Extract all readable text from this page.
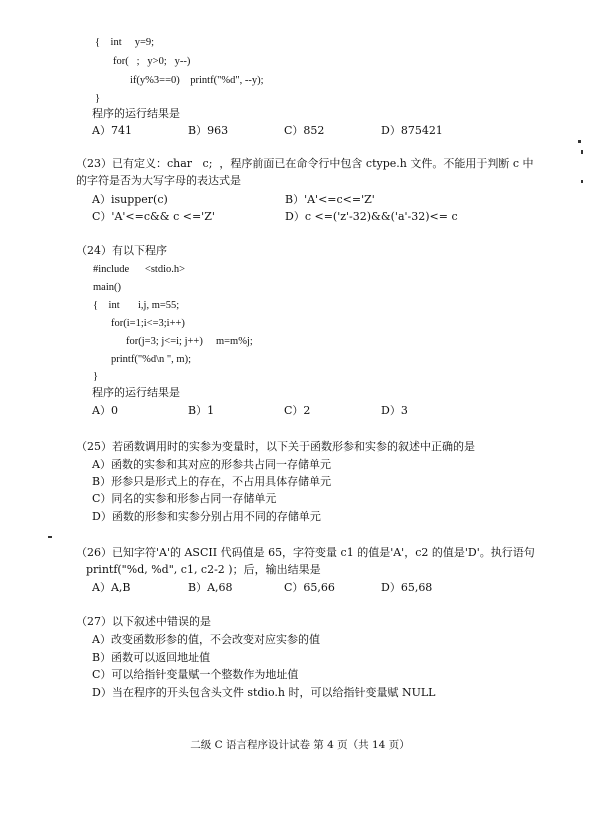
{    int     y=9;
for(   ;   y>0;   y--)
if(y%3==0)    printf("%d", --y);
}
程序的运行结果是
A）741	B）963	C）852	D）875421
（23）已有定义：char   c;  ，程序前面已在命令行中包含 ctype.h 文件。不能用于判断 c 中
的字符是否为大写字母的表达式是
A）isupper(c)	B）'A'<=c<='Z'
C）'A'<=c&& c <='Z'	D）c <=('z'-32)&&('a'-32)<= c
（24）有以下程序
#include      <stdio.h>
main()
{    int       i,j, m=55;
for(i=1;i<=3;i++)
for(j=3; j<=i; j++)     m=m%j;
printf("%d\n ", m);
}
程序的运行结果是
A）0	B）1	C）2	D）3
（25）若函数调用时的实参为变量时，以下关于函数形参和实参的叙述中正确的是
A）函数的实参和其对应的形参共占同一存储单元
B）形参只是形式上的存在，不占用具体存储单元
C）同名的实参和形参占同一存储单元
D）函数的形参和实参分别占用不同的存储单元
（26）已知字符'A'的 ASCII 代码值是 65，字符变量 c1 的值是'A'，c2 的值是'D'。执行语句
printf("%d, %d", c1, c2-2 )；后，输出结果是
A）A,B	B）A,68	C）65,66	D）65,68
（27）以下叙述中错误的是
A）改变函数形参的值，不会改变对应实参的值
B）函数可以返回地址值
C）可以给指针变量赋一个整数作为地址值
D）当在程序的开头包含头文件 stdio.h 时，可以给指针变量赋 NULL
二级 C 语言程序设计试卷 第 4 页（共 14 页）
